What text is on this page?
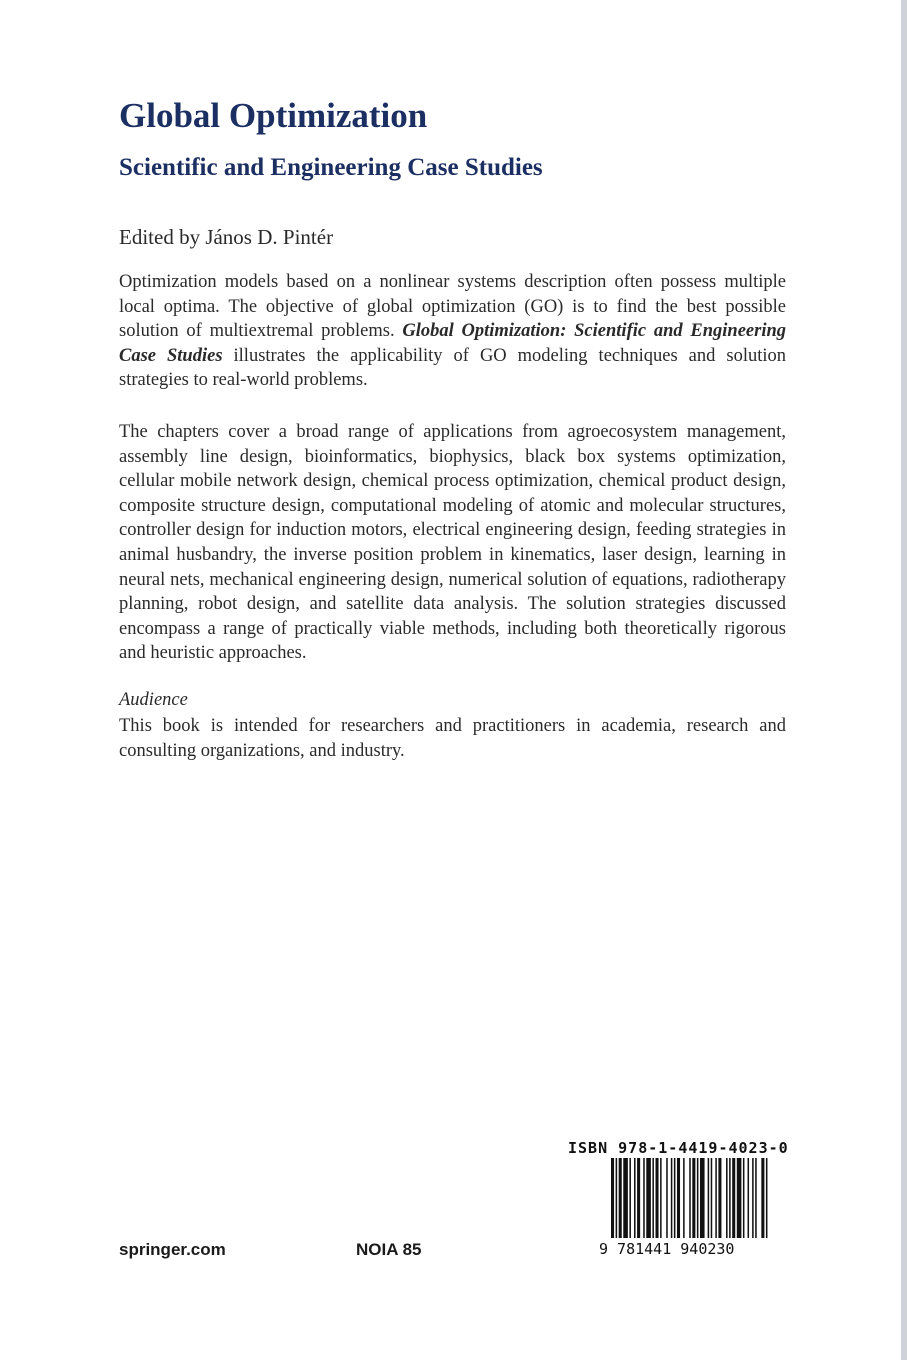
Global Optimization
Scientific and Engineering Case Studies
Edited by János D. Pintér

Optimization models based on a nonlinear systems description often possess multiple local optima. The objective of global optimization (GO) is to find the best possible solution of multiextremal problems. Global Optimization: Scientific and Engineering Case Studies illustrates the applicability of GO modeling techniques and solution strategies to real-world problems.

The chapters cover a broad range of applications from agroecosystem management, assembly line design, bioinformatics, biophysics, black box systems optimization, cellular mobile network design, chemical process optimization, chemical product design, composite structure design, computational modeling of atomic and molecular structures, controller design for induction motors, electrical engineering design, feeding strategies in animal husbandry, the inverse position problem in kinematics, laser design, learning in neural nets, mechanical engineering design, numerical solution of equations, radiotherapy planning, robot design, and satellite data analysis. The solution strategies discussed encompass a range of practically viable methods, including both theoretically rigorous and heuristic approaches.

Audience

This book is intended for researchers and practitioners in academia, research and consulting organizations, and industry.

ISBN 978-1-4419-4023-0
9 781441 940230
springer.com	NOIA 85
